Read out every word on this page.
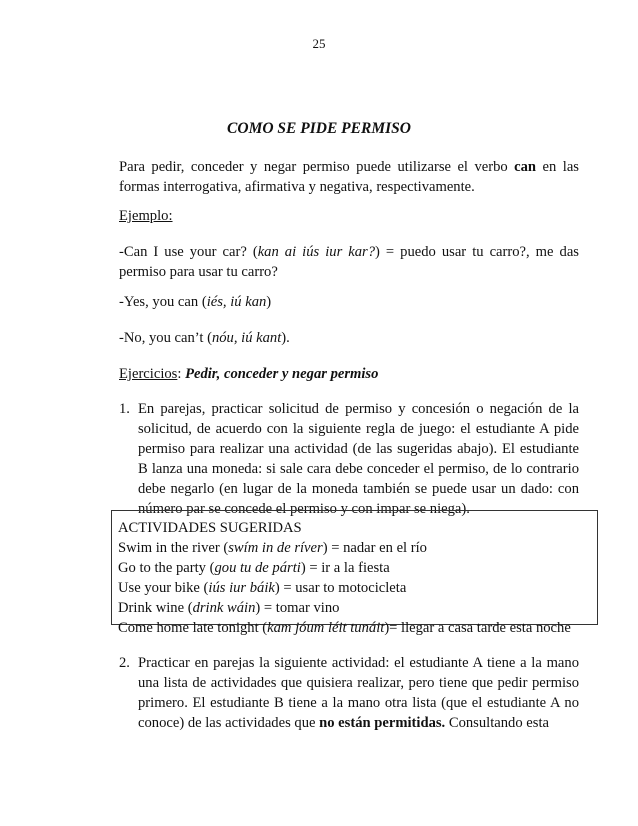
25
COMO SE PIDE PERMISO
Para pedir, conceder y negar permiso puede utilizarse el verbo can en las formas interrogativa, afirmativa y negativa, respectivamente.
Ejemplo:
-Can I use your car? (kan ai iús iur kar?) = puedo usar tu carro?, me das permiso para usar tu carro?
-Yes, you can (iés, iú kan)
-No, you can’t (nóu, iú kant).
Ejercicios: Pedir, conceder y negar permiso
1. En parejas, practicar solicitud de permiso y concesión o negación de la solicitud, de acuerdo con la siguiente regla de juego: el estudiante A pide permiso para realizar una actividad (de las sugeridas abajo). El estudiante B lanza una moneda: si sale cara debe conceder el permiso, de lo contrario debe negarlo (en lugar de la moneda también se puede usar un dado: con número par se concede el permiso y con impar se niega).
ACTIVIDADES SUGERIDAS
Swim in the river (swím in de ríver) = nadar en el río
Go to the party (gou tu de párti) = ir a la fiesta
Use your bike (iús iur báik) = usar to motocicleta
Drink wine (drink wáin) = tomar vino
Come home late tonight (kam jóum léit tunáit)= llegar a casa tarde esta noche
2. Practicar en parejas la siguiente actividad: el estudiante A tiene a la mano una lista de actividades que quisiera realizar, pero tiene que pedir permiso primero. El estudiante B tiene a la mano otra lista (que el estudiante A no conoce) de las actividades que no están permitidas. Consultando esta
